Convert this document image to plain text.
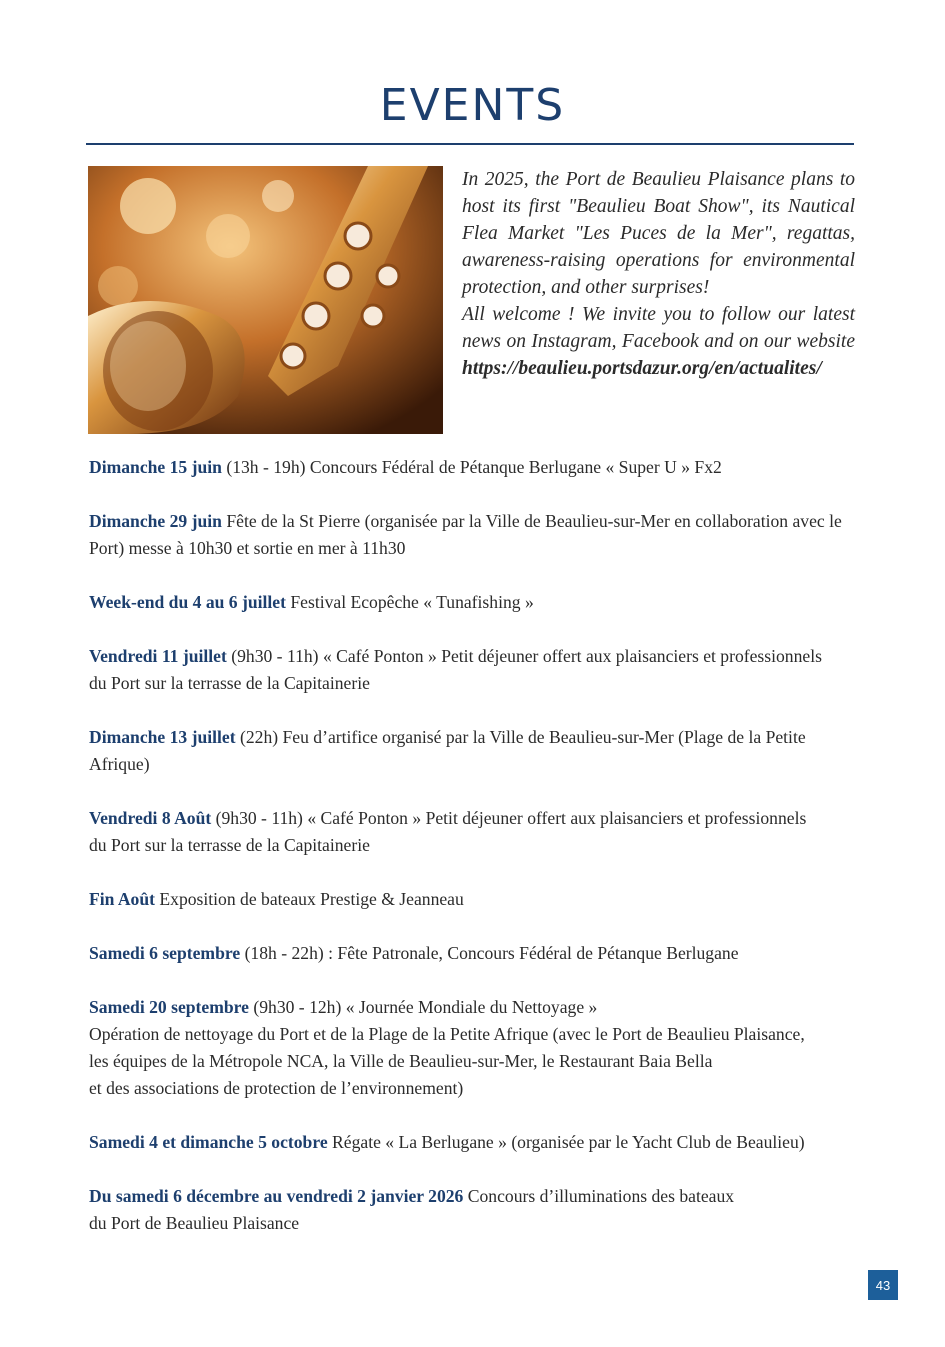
EVENTS

In 2025, the Port de Beaulieu Plaisance plans to host its first "Beaulieu Boat Show", its Nautical Flea Market "Les Puces de la Mer", regattas, awareness-raising operations for environmental protection, and other surprises!

All welcome ! We invite you to follow our latest news on Instagram, Facebook and on our website https://beaulieu.portsdazur.org/en/actualites/

Dimanche 15 juin (13h - 19h) Concours Fédéral de Pétanque Berlugane « Super U » Fx2
Dimanche 29 juin Fête de la St Pierre (organisée par la Ville de Beaulieu-sur-Mer en collaboration avec le Port) messe à 10h30 et sortie en mer à 11h30
Week-end du 4 au 6 juillet Festival Ecopêche « Tunafishing »
Vendredi 11 juillet (9h30 - 11h) « Café Ponton » Petit déjeuner offert aux plaisanciers et professionnels
du Port sur la terrasse de la Capitainerie
Dimanche 13 juillet (22h) Feu d’artifice organisé par la Ville de Beaulieu-sur-Mer (Plage de la Petite
Afrique)
Vendredi 8 Août (9h30 - 11h) « Café Ponton » Petit déjeuner offert aux plaisanciers et professionnels
du Port sur la terrasse de la Capitainerie
Fin Août Exposition de bateaux Prestige & Jeanneau
Samedi 6 septembre (18h - 22h) : Fête Patronale, Concours Fédéral de Pétanque Berlugane
Samedi 20 septembre (9h30 - 12h) « Journée Mondiale du Nettoyage »
Opération de nettoyage du Port et de la Plage de la Petite Afrique (avec le Port de Beaulieu Plaisance,
les équipes de la Métropole NCA, la Ville de Beaulieu-sur-Mer, le Restaurant Baia Bella
et des associations de protection de l’environnement)
Samedi 4 et dimanche 5 octobre Régate « La Berlugane » (organisée par le Yacht Club de Beaulieu)
Du samedi 6 décembre au vendredi 2 janvier 2026 Concours d’illuminations des bateaux
du Port de Beaulieu Plaisance
43
